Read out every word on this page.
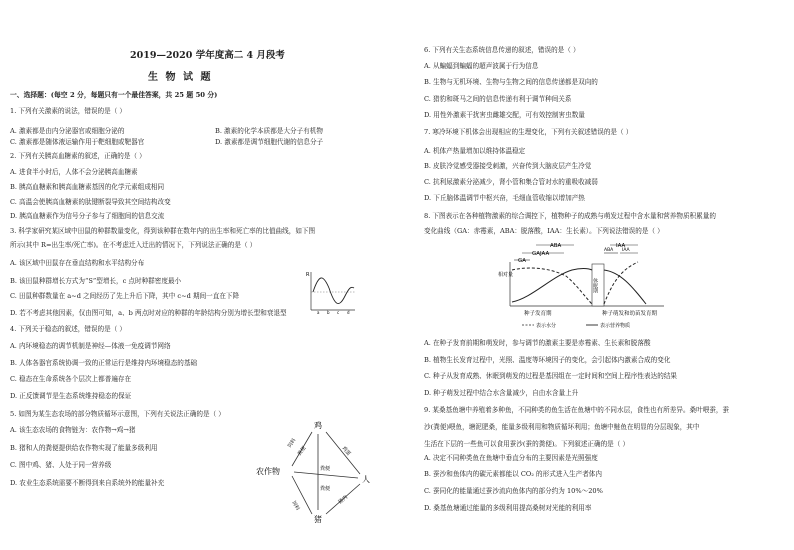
2019—2020 学年度高二 4 月段考
生 物 试 题
一、选择题：(每空 2 分，每题只有一个最佳答案，共 25 题 50 分)
1. 下列有关激素的说法，错误的是（ ）
A. 激素都是由内分泌器官或细胞分泌的	B. 激素的化学本质都是大分子有机物
C. 激素都是随体液运输作用于靶细胞或靶器官	D. 激素都是调节细胞代谢的信息分子
2. 下列有关胰高血糖素的叙述，正确的是（ ）
A. 进食半小时后，人体不会分泌胰高血糖素
B. 胰高血糖素和胰高血糖素基因的化学元素组成相同
C. 高温会使胰高血糖素的肽键断裂导致其空间结构改变
D. 胰高血糖素作为信号分子参与了细胞间的信息交流
3. 科学家研究某区域中田鼠的种群数量变化，得到该种群在数年内的出生率和死亡率的比值曲线，如下图
所示(其中 R=出生率/死亡率)。在不考虑迁入迁出的情况下，下列说法正确的是（ ）
A. 该区域中田鼠存在垂直结构和水平结构分布
B. 该田鼠种群增长方式为“S”型增长，c 点时种群密度最小
C. 田鼠种群数量在 a~d 之间经历了先上升后下降，其中 c~d 期间一直在下降
D. 若不考虑其他因素，仅由图可知，a、b 两点时对应的种群的年龄结构分别为增长型和衰退型
4. 下列关于稳态的叙述，错误的是（ ）
A. 内环境稳态的调节机制是神经—体液一免疫调节网络
B. 人体各器官系统协调一致的正常运行是维持内环境稳态的基础
C. 稳态在生命系统各个层次上都普遍存在
D. 正反馈调节是生态系统维持稳态的保证
5. 如图为某生态农场的部分物质循环示意图，下列有关说法正确的是（ ）
A. 该生态农场的食物链为：农作物→鸡→猪
B. 猪和人的粪便提供给农作物实现了能量多级利用
C. 图中鸡、猪、人处于同一营养级
D. 农业生态系统需要不断得到来自系统外的能量补充
6. 下列有关生态系统信息传递的叙述，错误的是（ ）
A. 从蝙蝠到蝙蝠的超声波属于行为信息
B. 生物与无机环境、生物与生物之间的信息传递都是双向的
C. 猎豹和斑马之间的信息传递有利于调节种间关系
D. 用性外激素干扰害虫雌雄交配，可有效控制害虫数量
7. 寒冷环境下机体会出现相应的生理变化，下列有关叙述错误的是（ ）
A. 机体产热量增加以维持体温稳定
B. 皮肤冷觉感受器接受刺激，兴奋传到大脑皮层产生冷觉
C. 抗利尿激素分泌减少，肾小管和集合管对水的重吸收减弱
D. 下丘脑体温调节中枢兴奋，毛细血管收缩以增加产热
8. 下图表示在各种植物激素的综合调控下，植物种子的成熟与萌发过程中含水量和营养物质积累量的
变化曲线（GA：赤霉素，ABA：脱落酸，IAA：生长素）。下列说法错误的是（ ）
A. 在种子发育前期和萌发时，参与调节的激素主要是赤霉素、生长素和脱落酸
B. 植物生长发育过程中，光照、温度等环境因子的变化，会引起体内激素合成的变化
C. 种子从发育成熟、休眠到萌发的过程是基因组在一定时间和空间上程序性表达的结果
D. 种子萌发过程中结合水含量减少，自由水含量上升
9. 某桑基鱼塘中养殖着多种鱼，不同种类的鱼生活在鱼塘中的不同水层，食性也有所差异。桑叶喂蚕，蚕
沙(粪便)喂鱼，塘泥肥桑，能量多级利用和物质循环利用；鱼塘中鲢鱼在明显的分层现象，其中
生活在下层的一些鱼可以食用蚕沙(蚕的粪便)。下列叙述正确的是（ ）
A. 决定不同种类鱼在鱼塘中垂直分布的主要因素是光照强度
B. 蚕沙和鱼体内的碳元素都能以 CO₂ 的形式进入生产者体内
C. 蚕同化的能量通过蚕沙流向鱼体内的部分约为 10%～20%
D. 桑基鱼塘通过能量的多级利用提高桑树对光能的利用率
R
a b c d
鸡
农作物
人
猪
饲料
粪便	鸡蛋
粪便
猪肉
饲料
粪便
ABA
GA
IAA
GAJAA
ABA IAA
相对量
休眠期
种子发育期	种子萌发和幼苗发育期
表示水分	表示营养物质
